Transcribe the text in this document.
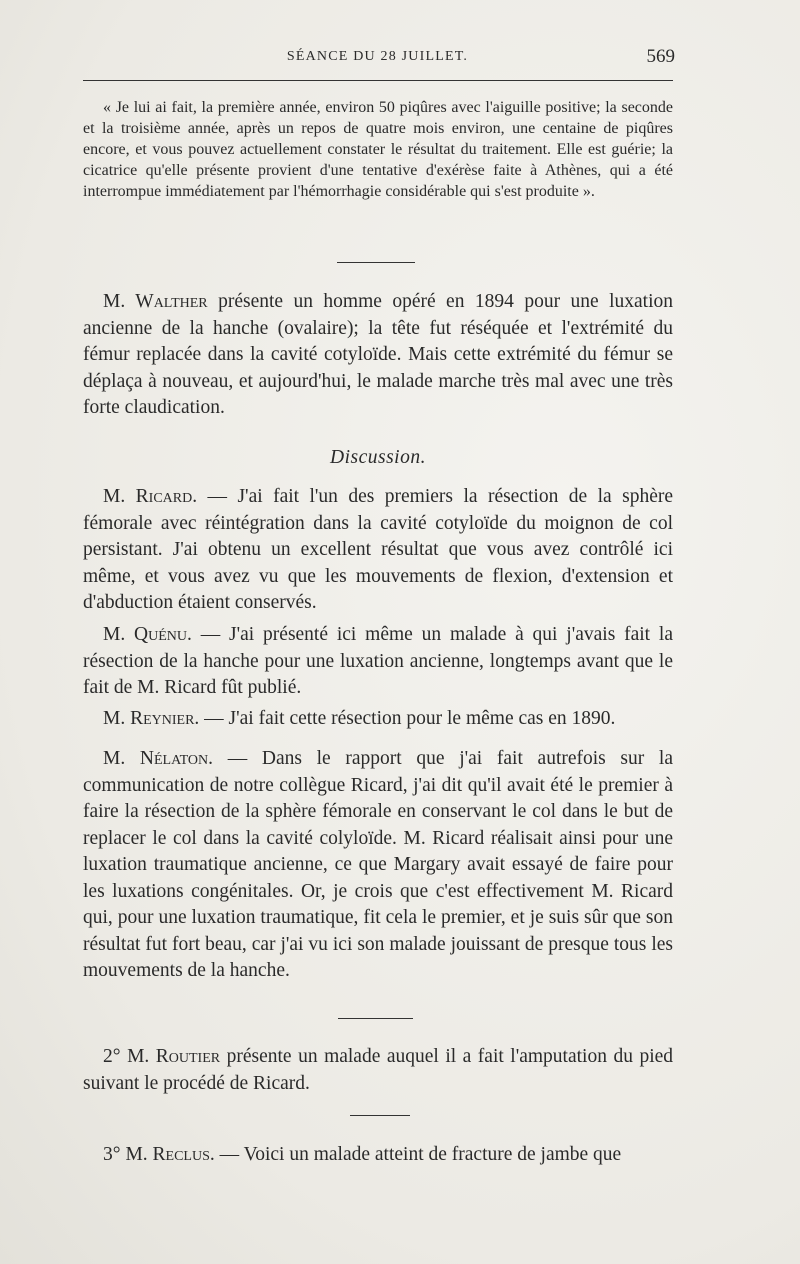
SÉANCE DU 28 JUILLET.	569

« Je lui ai fait, la première année, environ 50 piqûres avec l'aiguille positive; la seconde et la troisième année, après un repos de quatre mois environ, une centaine de piqûres encore, et vous pouvez actuellement constater le résultat du traitement. Elle est guérie; la cicatrice qu'elle présente provient d'une tentative d'exérèse faite à Athènes, qui a été interrompue immédiatement par l'hémorrhagie considérable qui s'est produite ».

M. Walther présente un homme opéré en 1894 pour une luxation ancienne de la hanche (ovalaire); la tête fut réséquée et l'extrémité du fémur replacée dans la cavité cotyloïde. Mais cette extrémité du fémur se déplaça à nouveau, et aujourd'hui, le malade marche très mal avec une très forte claudication.

Discussion.

M. Ricard. — J'ai fait l'un des premiers la résection de la sphère fémorale avec réintégration dans la cavité cotyloïde du moignon de col persistant. J'ai obtenu un excellent résultat que vous avez contrôlé ici même, et vous avez vu que les mouvements de flexion, d'extension et d'abduction étaient conservés.

M. Quénu. — J'ai présenté ici même un malade à qui j'avais fait la résection de la hanche pour une luxation ancienne, longtemps avant que le fait de M. Ricard fût publié.

M. Reynier. — J'ai fait cette résection pour le même cas en 1890.

M. Nélaton. — Dans le rapport que j'ai fait autrefois sur la communication de notre collègue Ricard, j'ai dit qu'il avait été le premier à faire la résection de la sphère fémorale en conservant le col dans le but de replacer le col dans la cavité colyloïde. M. Ricard réalisait ainsi pour une luxation traumatique ancienne, ce que Margary avait essayé de faire pour les luxations congénitales. Or, je crois que c'est effectivement M. Ricard qui, pour une luxation traumatique, fit cela le premier, et je suis sûr que son résultat fut fort beau, car j'ai vu ici son malade jouissant de presque tous les mouvements de la hanche.

2° M. Routier présente un malade auquel il a fait l'amputation du pied suivant le procédé de Ricard.

3° M. Reclus. — Voici un malade atteint de fracture de jambe que
